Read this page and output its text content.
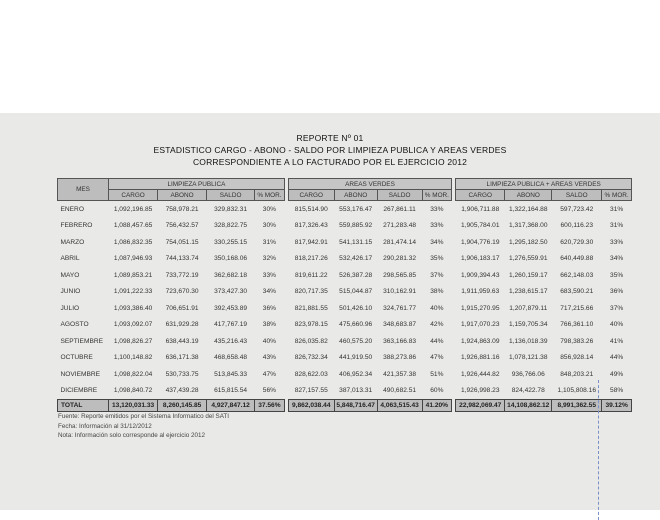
REPORTE Nº 01
ESTADISTICO CARGO - ABONO - SALDO POR LIMPIEZA PUBLICA Y AREAS VERDES
CORRESPONDIENTE A LO FACTURADO POR EL EJERCICIO 2012
MES	LIMPIEZA PUBLICA					AREAS VERDES					LIMPIEZA PUBLICA + AREAS VERDES			
	CARGO	ABONO	SALDO	% MOR.		CARGO	ABONO	SALDO	% MOR.		CARGO	ABONO	SALDO	% MOR.
ENERO	1,092,196.85	758,978.21	329,832.31	30%		815,514.90	553,176.47	267,861.11	33%		1,906,711.88	1,322,164.88	597,723.42	31%
FEBRERO	1,088,457.65	756,432.57	328,822.75	30%		817,326.43	559,885.92	271,283.48	33%		1,905,784.01	1,317,368.00	600,116.23	31%
MARZO	1,086,832.35	754,051.15	330,255.15	31%		817,942.91	541,131.15	281,474.14	34%		1,904,776.19	1,295,182.50	620,729.30	33%
ABRIL	1,087,946.93	744,133.74	350,168.06	32%		818,217.26	532,426.17	290,281.32	35%		1,906,183.17	1,276,559.91	640,449.88	34%
MAYO	1,089,853.21	733,772.19	362,682.18	33%		819,611.22	526,387.28	298,565.85	37%		1,909,394.43	1,260,159.17	662,148.03	35%
JUNIO	1,091,222.33	723,670.30	373,427.30	34%		820,717.35	515,044.87	310,162.91	38%		1,911,959.63	1,238,615.17	683,590.21	36%
JULIO	1,093,386.40	706,651.91	392,453.89	36%		821,881.55	501,426.10	324,761.77	40%		1,915,270.95	1,207,879.11	717,215.66	37%
AGOSTO	1,093,092.07	631,929.28	417,767.19	38%		823,978.15	475,660.96	348,683.87	42%		1,917,070.23	1,159,705.34	766,361.10	40%
SEPTIEMBRE	1,098,826.27	638,443.19	435,216.43	40%		826,035.82	460,575.20	363,166.83	44%		1,924,863.09	1,136,018.39	798,383.26	41%
OCTUBRE	1,100,148.82	636,171.38	468,658.48	43%		826,732.34	441,919.50	388,273.86	47%		1,926,881.16	1,078,121.38	856,928.14	44%
NOVIEMBRE	1,098,822.04	530,733.75	513,845.33	47%		828,622.03	406,952.34	421,357.38	51%		1,926,444.82	936,766.06	848,203.21	49%
DICIEMBRE	1,098,840.72	437,439.28	615,815.54	56%		827,157.55	387,013.31	490,682.51	60%		1,926,998.23	824,422.78	1,105,808.16	58%
TOTAL	13,120,031.33	8,260,145.85	4,927,847.12	37.56%		9,862,038.44	5,848,716.47	4,063,515.43	41.20%		22,982,069.47	14,108,862.12	8,991,362.55	39.12%
Fuente: Reporte emitidos por el Sistema Informatico del SATI
Fecha: Información al 31/12/2012
Nota: Información solo corresponde al ejercicio 2012
